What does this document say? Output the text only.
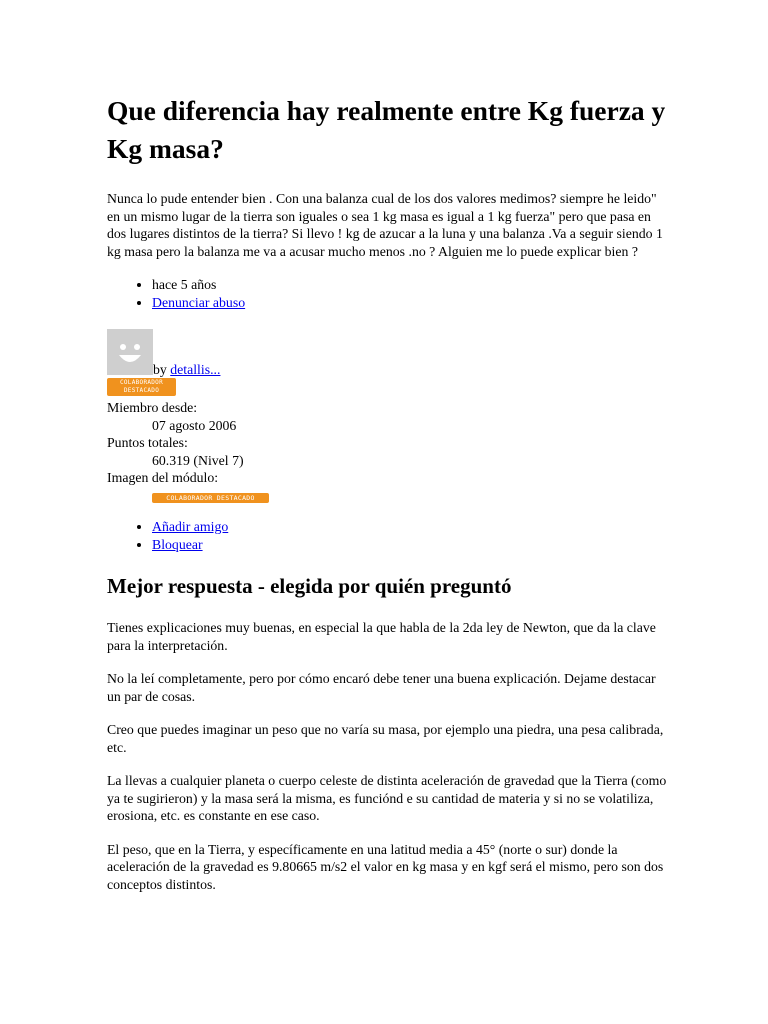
Que diferencia hay realmente entre Kg fuerza y Kg masa?

Nunca lo pude entender bien . Con una balanza cual de los dos valores medimos? siempre he leido" en un mismo lugar de la tierra son iguales o sea 1 kg masa es igual a 1 kg fuerza" pero que pasa en dos lugares distintos de la tierra? Si llevo ! kg de azucar a la luna y una balanza .Va a seguir siendo 1 kg masa pero la balanza me va a acusar mucho menos .no ? Alguien me lo puede explicar bien ?

• hace 5 años
• Denunciar abuso
by detallis...
COLABORADOR
DESTACADO
Miembro desde:
07 agosto 2006
Puntos totales:
60.319 (Nivel 7)
Imagen del módulo:
COLABORADOR DESTACADO
• Añadir amigo
• Bloquear
Mejor respuesta - elegida por quién preguntó

Tienes explicaciones muy buenas, en especial la que habla de la 2da ley de Newton, que da la clave para la interpretación.

No la leí completamente, pero por cómo encaró debe tener una buena explicación. Dejame destacar un par de cosas.

Creo que puedes imaginar un peso que no varía su masa, por ejemplo una piedra, una pesa calibrada, etc.

La llevas a cualquier planeta o cuerpo celeste de distinta aceleración de gravedad que la Tierra (como ya te sugirieron) y la masa será la misma, es funciónd e su cantidad de materia y si no se volatiliza, erosiona, etc. es constante en ese caso.

El peso, que en la Tierra, y específicamente en una latitud media a 45° (norte o sur) donde la aceleración de la gravedad es 9.80665 m/s2 el valor en kg masa y en kgf será el mismo, pero son dos conceptos distintos.
